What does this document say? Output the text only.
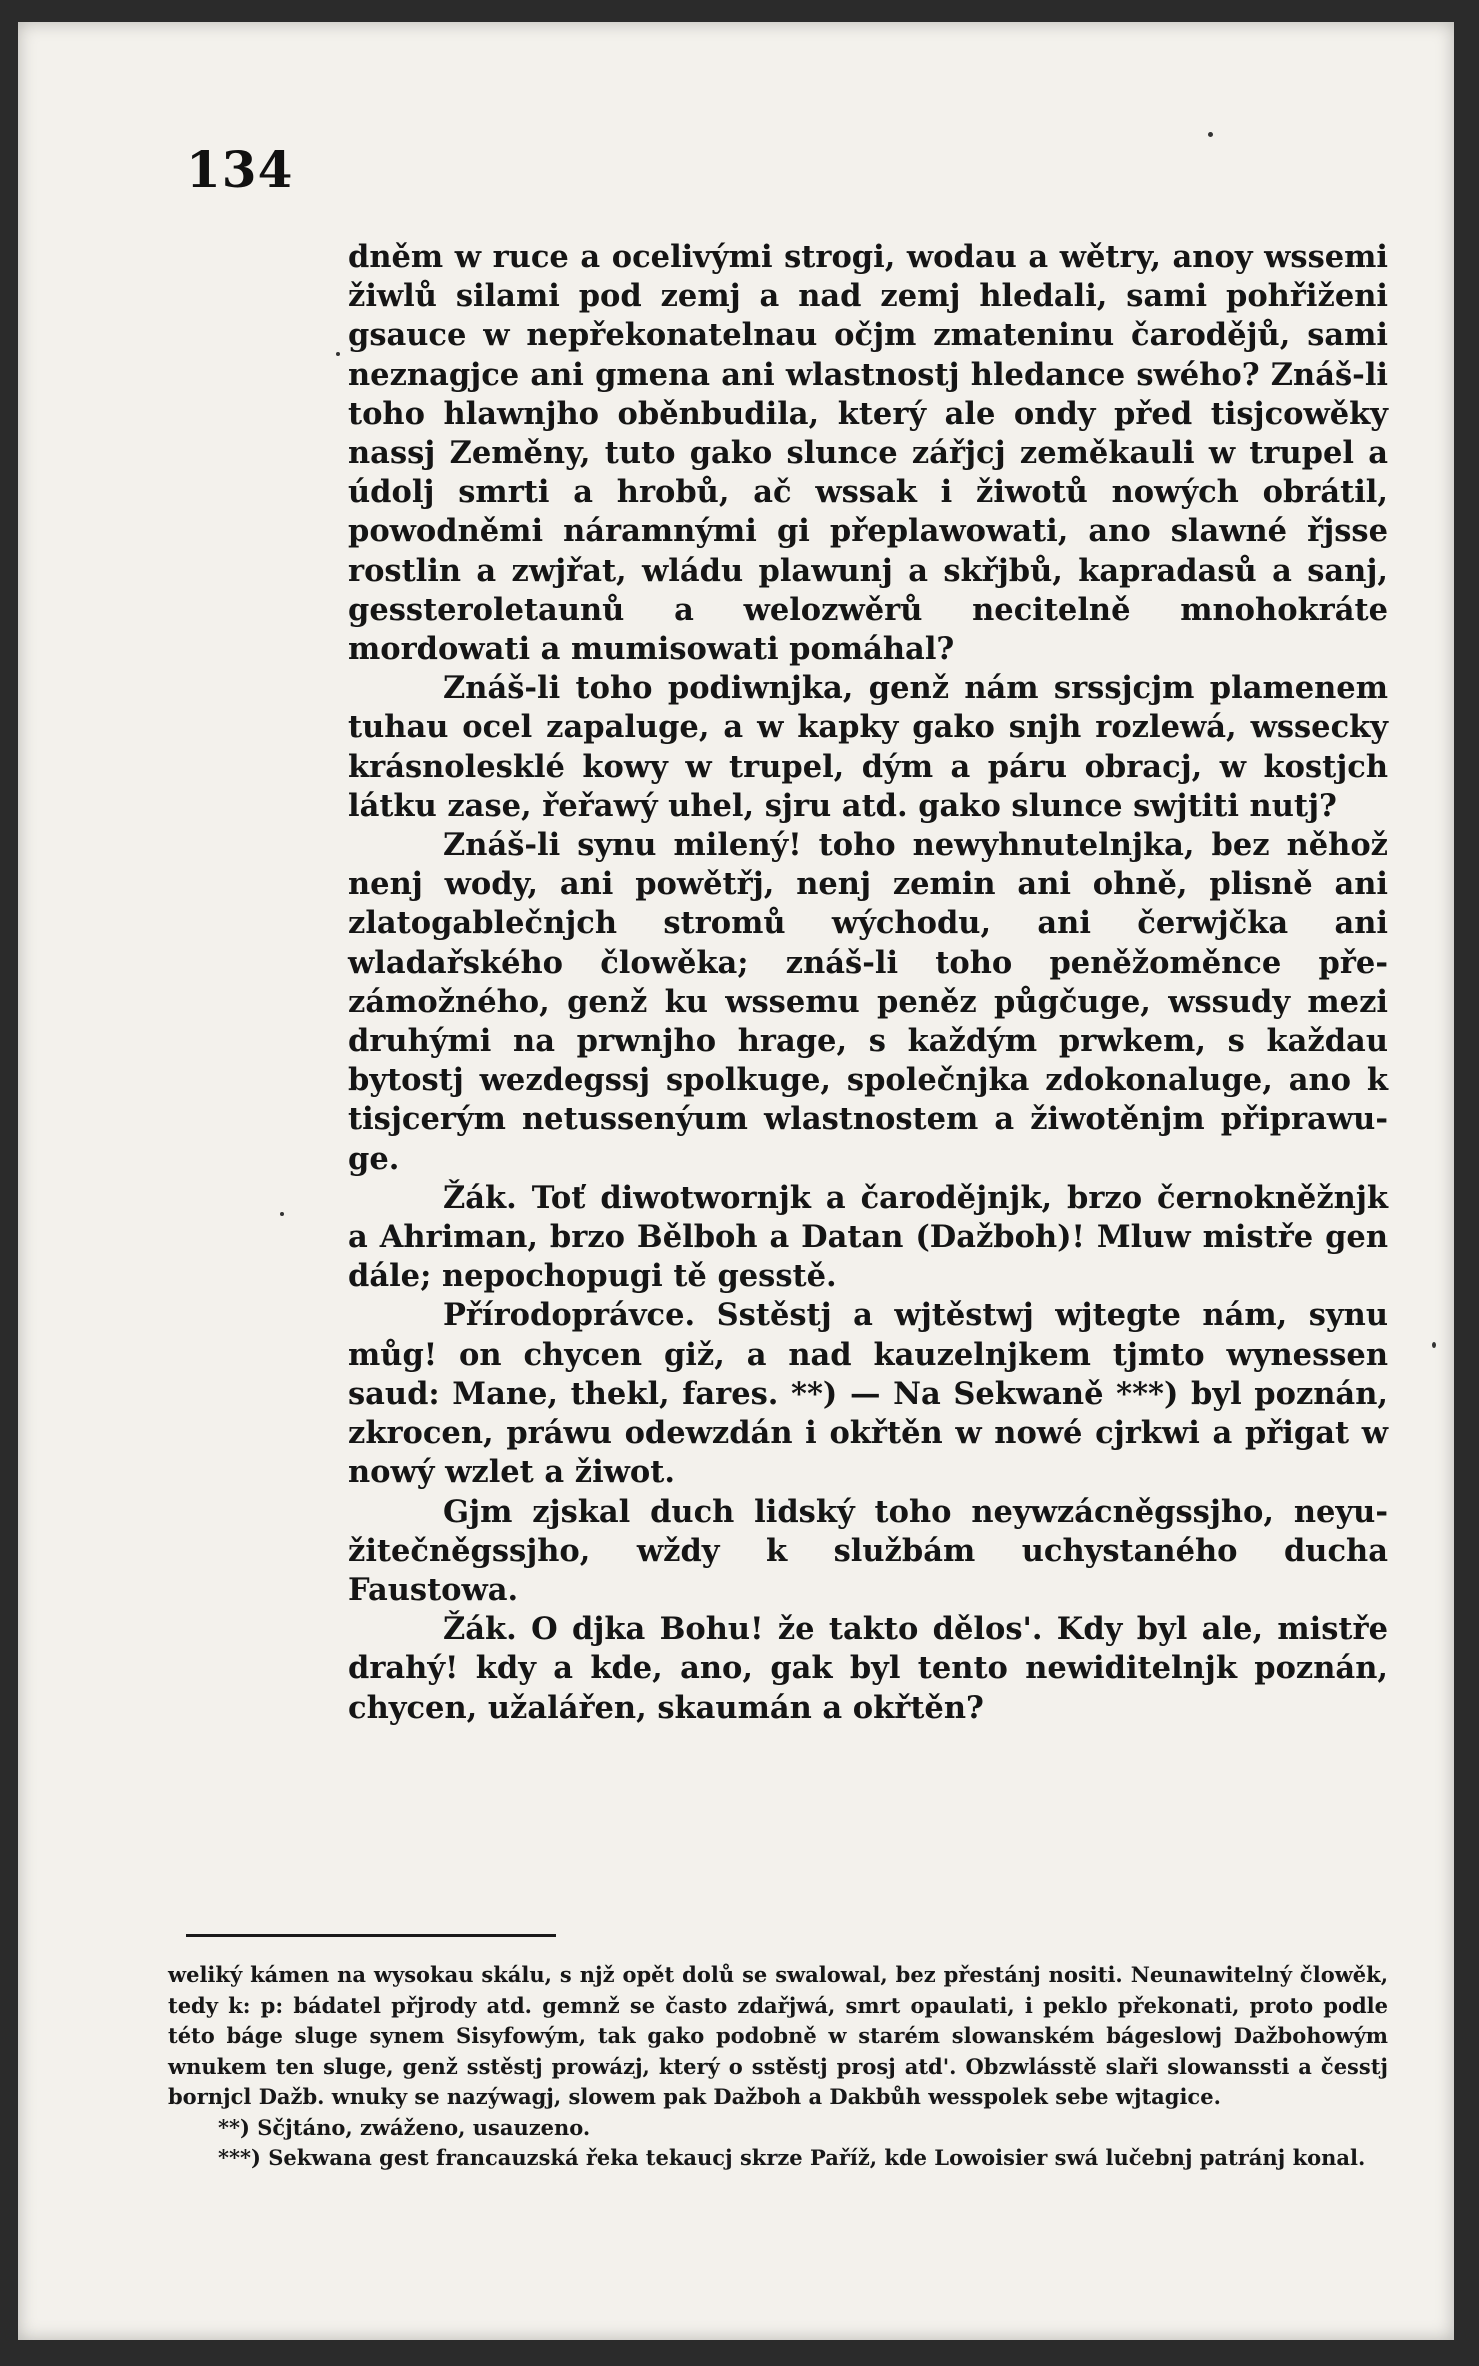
134

dněm w ruce a ocelivými strogi, wodau a wětry, anoy wssemi žiwlů silami pod zemj a nad zemj hledali, sami pohřiženi gsauce w nepřekonatelnau očjm zmateninu čarodějů, sami neznagjce ani gmena ani wlastnostj hledance swého? Znáš-li toho hlawnjho oběnbudila, který ale ondy před tisjcowěky nassj Zeměny, tuto gako slunce zářjcj zeměkauli w trupel a údolj smrti a hrobů, ač wssak i žiwotů nowých obrátil, powodněmi náramnými gi přeplawowati, ano slawné řjsse rostlin a zwjřat, wládu plawunj a skřjbů, kapradasů a sanj, gessteroletaunů a welozwěrů necitelně mnohokráte mordowati a mumisowati pomáhal?

Znáš-li toho podiwnjka, genž nám srssjcjm plamenem tuhau ocel zapaluge, a w kapky gako snjh rozlewá, wssecky krásnolesklé kowy w trupel, dým a páru obracj, w kostjch látku zase, řeřawý uhel, sjru atd. gako slunce swjtiti nutj?

Znáš-li synu milený! toho newyhnutelnjka, bez něhož nenj wody, ani powětřj, nenj zemin ani ohně, plisně ani zlatogablečnjch stromů wýchodu, ani čerwjčka ani wladařského člowěka; znáš-li toho peněžoměnce přezámožného, genž ku wssemu peněz půgčuge, wssudy mezi druhými na prwnjho hrage, s každým prwkem, s každau bytostj wezdegssj spolkuge, společnjka zdokonaluge, ano k tisjcerým netussenýum wlastnostem a žiwotěnjm připrawuge.

Žák. Toť diwotwornjk a čarodějnjk, brzo černokněžnjk a Ahriman, brzo Bělboh a Datan (Dažboh)! Mluw mistře gen dále; nepochopugi tě gesstě.

Přírodoprávce. Sstěstj a wjtěstwj wjtegte nám, synu můg! on chycen giž, a nad kauzelnjkem tjmto wynessen saud: Mane, thekl, fares. **) — Na Sekwaně ***) byl poznán, zkrocen, práwu odewzdán i okřtěn w nowé cjrkwi a přigat w nowý wzlet a žiwot.

Gjm zjskal duch lidský toho neywzácněgssjho, neyužitečněgssjho, wždy k službám uchystaného ducha Faustowa.

Žák. O djka Bohu! že takto dělos'. Kdy byl ale, mistře drahý! kdy a kde, ano, gak byl tento newiditelnjk poznán, chycen, užalářen, skaumán a okřtěn?

weliký kámen na wysokau skálu, s njž opět dolů se swalowal, bez přestánj nositi. Neunawitelný člowěk, tedy k: p: bádatel přjrody atd. gemnž se často zdařjwá, smrt opaulati, i peklo překonati, proto podle této báge sluge synem Sisyfowým, tak gako podobně w starém slowanském bágeslowj Dažbohowým wnukem ten sluge, genž sstěstj prowázj, který o sstěstj prosj atd'. Obzwlásstě slaři slowanssti a česstj bornjcl Dažb. wnuky se nazýwagj, slowem pak Dažboh a Dakbůh wesspolek sebe wjtagice.

**) Sčjtáno, zwáženo, usauzeno.

***) Sekwana gest francauzská řeka tekaucj skrze Paříž, kde Lowoisier swá lučebnj patránj konal.
